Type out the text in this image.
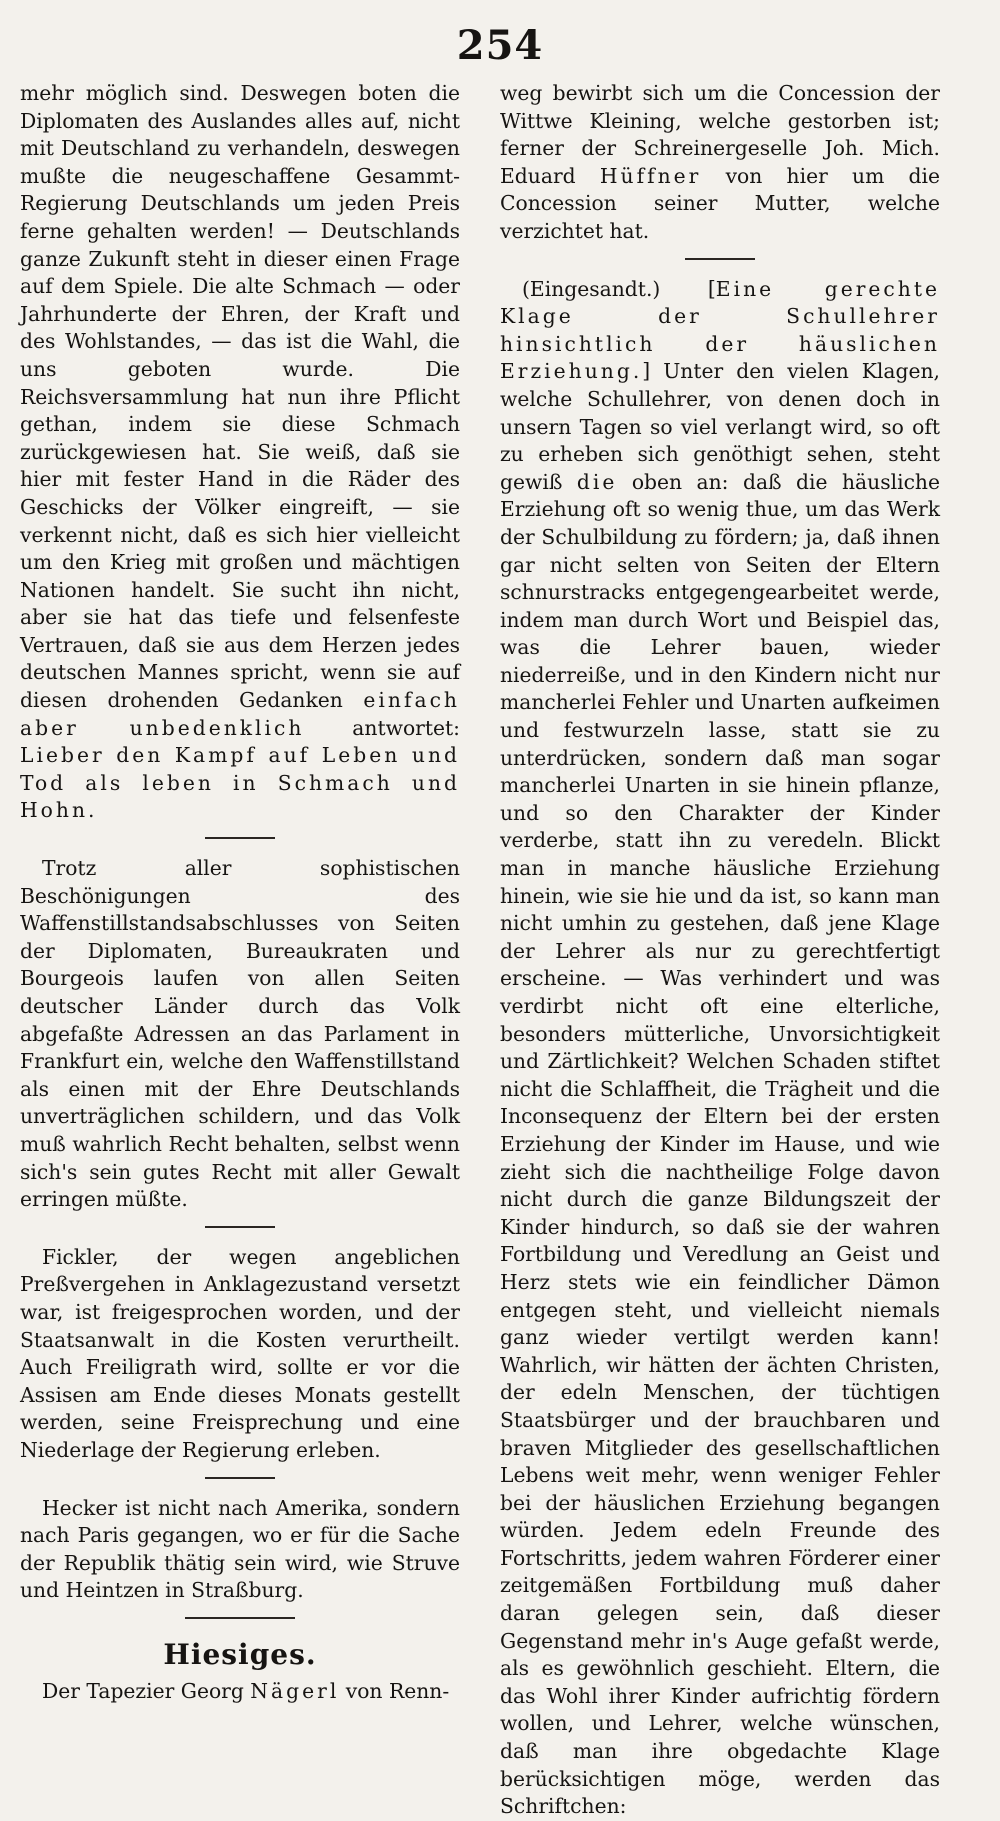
254

mehr möglich sind. Deswegen boten die Diplomaten des Auslandes alles auf, nicht mit Deutschland zu verhandeln, deswegen mußte die neugeschaffene Gesammt-Regierung Deutschlands um jeden Preis ferne gehalten werden! — Deutschlands ganze Zukunft steht in dieser einen Frage auf dem Spiele. Die alte Schmach — oder Jahrhunderte der Ehren, der Kraft und des Wohlstandes, — das ist die Wahl, die uns geboten wurde. Die Reichsversammlung hat nun ihre Pflicht gethan, indem sie diese Schmach zurückgewiesen hat. Sie weiß, daß sie hier mit fester Hand in die Räder des Geschicks der Völker eingreift, — sie verkennt nicht, daß es sich hier vielleicht um den Krieg mit großen und mächtigen Nationen handelt. Sie sucht ihn nicht, aber sie hat das tiefe und felsenfeste Vertrauen, daß sie aus dem Herzen jedes deutschen Mannes spricht, wenn sie auf diesen drohenden Gedanken einfach aber unbedenklich antwortet: Lieber den Kampf auf Leben und Tod als leben in Schmach und Hohn.

Trotz aller sophistischen Beschönigungen des Waffenstillstandsabschlusses von Seiten der Diplomaten, Bureaukraten und Bourgeois laufen von allen Seiten deutscher Länder durch das Volk abgefaßte Adressen an das Parlament in Frankfurt ein, welche den Waffenstillstand als einen mit der Ehre Deutschlands unverträglichen schildern, und das Volk muß wahrlich Recht behalten, selbst wenn sich's sein gutes Recht mit aller Gewalt erringen müßte.

Fickler, der wegen angeblichen Preßvergehen in Anklagezustand versetzt war, ist freigesprochen worden, und der Staatsanwalt in die Kosten verurtheilt. Auch Freiligrath wird, sollte er vor die Assisen am Ende dieses Monats gestellt werden, seine Freisprechung und eine Niederlage der Regierung erleben.

Hecker ist nicht nach Amerika, sondern nach Paris gegangen, wo er für die Sache der Republik thätig sein wird, wie Struve und Heintzen in Straßburg.

Hiesiges.

Der Tapezier Georg Nägerl von Renn-

weg bewirbt sich um die Concession der Wittwe Kleining, welche gestorben ist; ferner der Schreinergeselle Joh. Mich. Eduard Hüffner von hier um die Concession seiner Mutter, welche verzichtet hat.

(Eingesandt.) [Eine gerechte Klage der Schullehrer hinsichtlich der häuslichen Erziehung.] Unter den vielen Klagen, welche Schullehrer, von denen doch in unsern Tagen so viel verlangt wird, so oft zu erheben sich genöthigt sehen, steht gewiß die oben an: daß die häusliche Erziehung oft so wenig thue, um das Werk der Schulbildung zu fördern; ja, daß ihnen gar nicht selten von Seiten der Eltern schnurstracks entgegengearbeitet werde, indem man durch Wort und Beispiel das, was die Lehrer bauen, wieder niederreiße, und in den Kindern nicht nur mancherlei Fehler und Unarten aufkeimen und festwurzeln lasse, statt sie zu unterdrücken, sondern daß man sogar mancherlei Unarten in sie hinein pflanze, und so den Charakter der Kinder verderbe, statt ihn zu veredeln. Blickt man in manche häusliche Erziehung hinein, wie sie hie und da ist, so kann man nicht umhin zu gestehen, daß jene Klage der Lehrer als nur zu gerechtfertigt erscheine. — Was verhindert und was verdirbt nicht oft eine elterliche, besonders mütterliche, Unvorsichtigkeit und Zärtlichkeit? Welchen Schaden stiftet nicht die Schlaffheit, die Trägheit und die Inconsequenz der Eltern bei der ersten Erziehung der Kinder im Hause, und wie zieht sich die nachtheilige Folge davon nicht durch die ganze Bildungszeit der Kinder hindurch, so daß sie der wahren Fortbildung und Veredlung an Geist und Herz stets wie ein feindlicher Dämon entgegen steht, und vielleicht niemals ganz wieder vertilgt werden kann! Wahrlich, wir hätten der ächten Christen, der edeln Menschen, der tüchtigen Staatsbürger und der brauchbaren und braven Mitglieder des gesellschaftlichen Lebens weit mehr, wenn weniger Fehler bei der häuslichen Erziehung begangen würden. Jedem edeln Freunde des Fortschritts, jedem wahren Förderer einer zeitgemäßen Fortbildung muß daher daran gelegen sein, daß dieser Gegenstand mehr in's Auge gefaßt werde, als es gewöhnlich geschieht. Eltern, die das Wohl ihrer Kinder aufrichtig fördern wollen, und Lehrer, welche wünschen, daß man ihre obgedachte Klage berücksichtigen möge, werden das Schriftchen:
